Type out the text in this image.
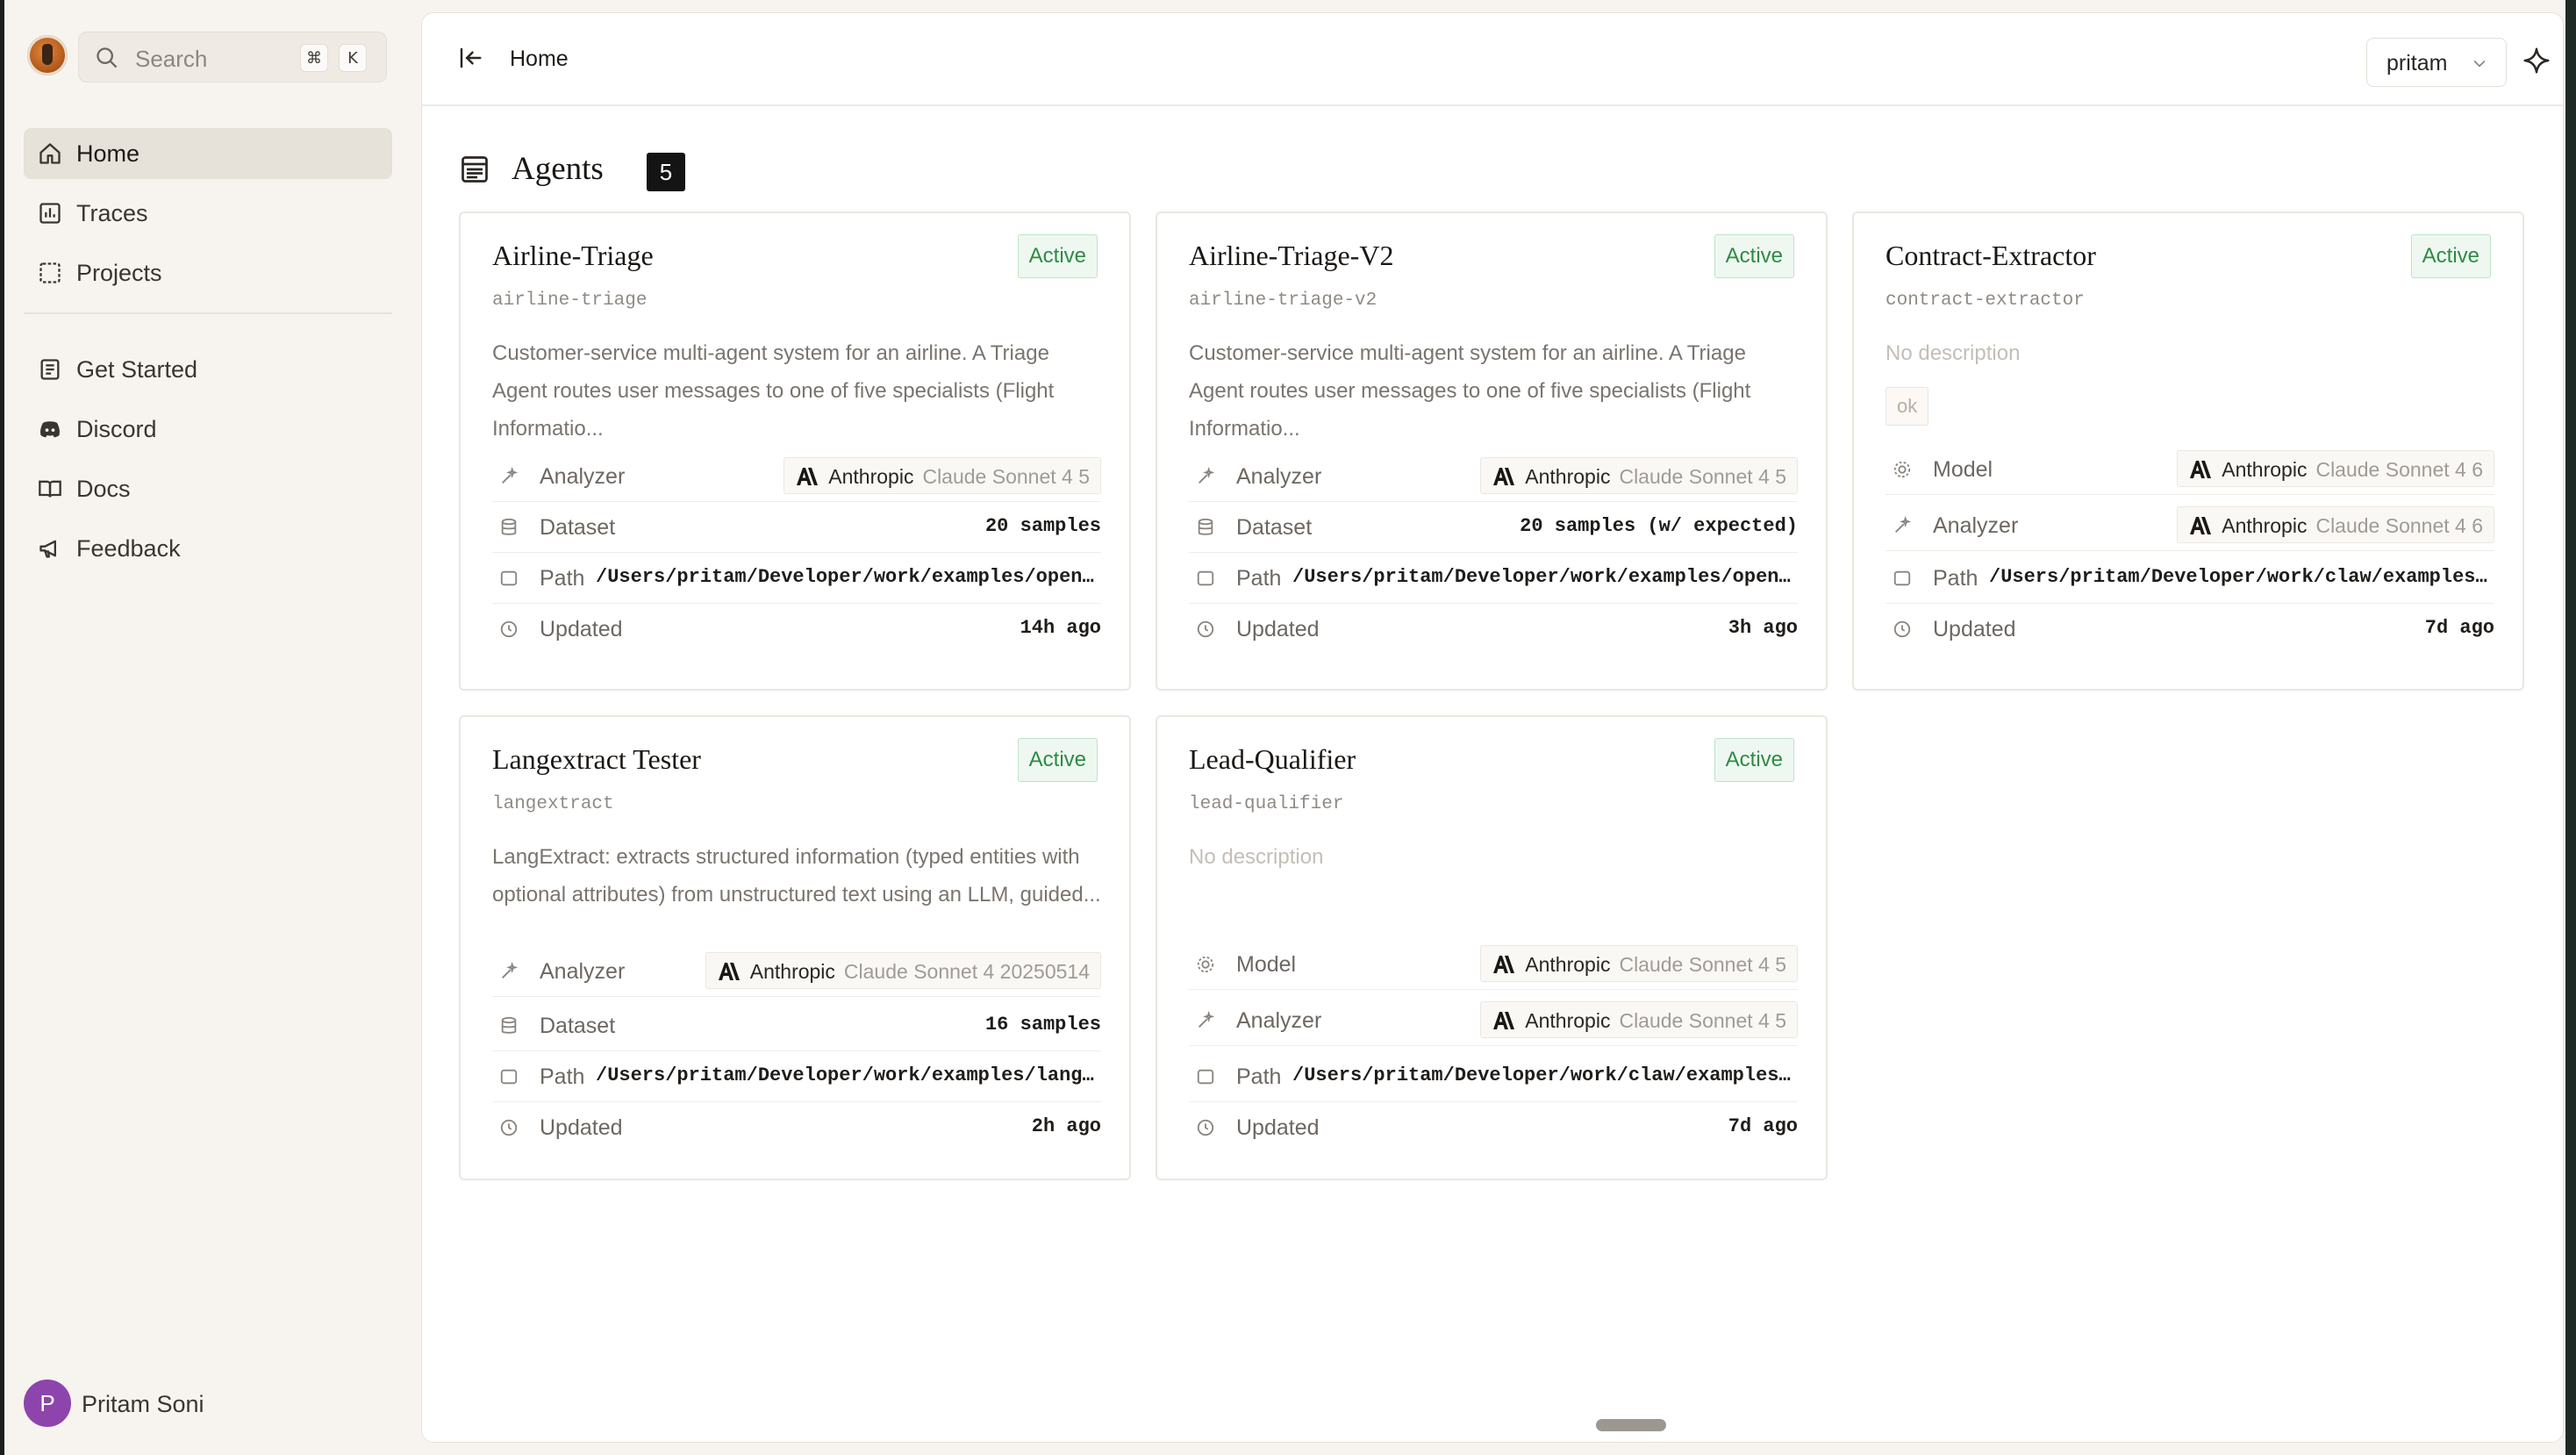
Search	⌘	K
Home
Traces
Projects
Get Started
Discord
Docs
Feedback
P	Pritam Soni
Home	pritam
Agents	5
Airline-Triage	Active
airline-triage
Customer-service multi-agent system for an airline. A Triage Agent routes user messages to one of five specialists (Flight Informatio...
Analyzer	Anthropic Claude Sonnet 4 5
Dataset	20 samples
Path /Users/pritam/Developer/work/examples/open…
Updated	14h ago
Airline-Triage-V2	Active
airline-triage-v2
Customer-service multi-agent system for an airline. A Triage Agent routes user messages to one of five specialists (Flight Informatio...
Analyzer	Anthropic Claude Sonnet 4 5
Dataset	20 samples (w/ expected)
Path /Users/pritam/Developer/work/examples/open…
Updated	3h ago
Contract-Extractor	Active
contract-extractor
No description
ok
Model	Anthropic Claude Sonnet 4 6
Analyzer	Anthropic Claude Sonnet 4 6
Path /Users/pritam/Developer/work/claw/examples…
Updated	7d ago
Langextract Tester	Active
langextract
LangExtract: extracts structured information (typed entities with optional attributes) from unstructured text using an LLM, guided...
Analyzer	Anthropic Claude Sonnet 4 20250514
Dataset	16 samples
Path /Users/pritam/Developer/work/examples/lang…
Updated	2h ago
Lead-Qualifier	Active
lead-qualifier
No description
Model	Anthropic Claude Sonnet 4 5
Analyzer	Anthropic Claude Sonnet 4 5
Path /Users/pritam/Developer/work/claw/examples…
Updated	7d ago
